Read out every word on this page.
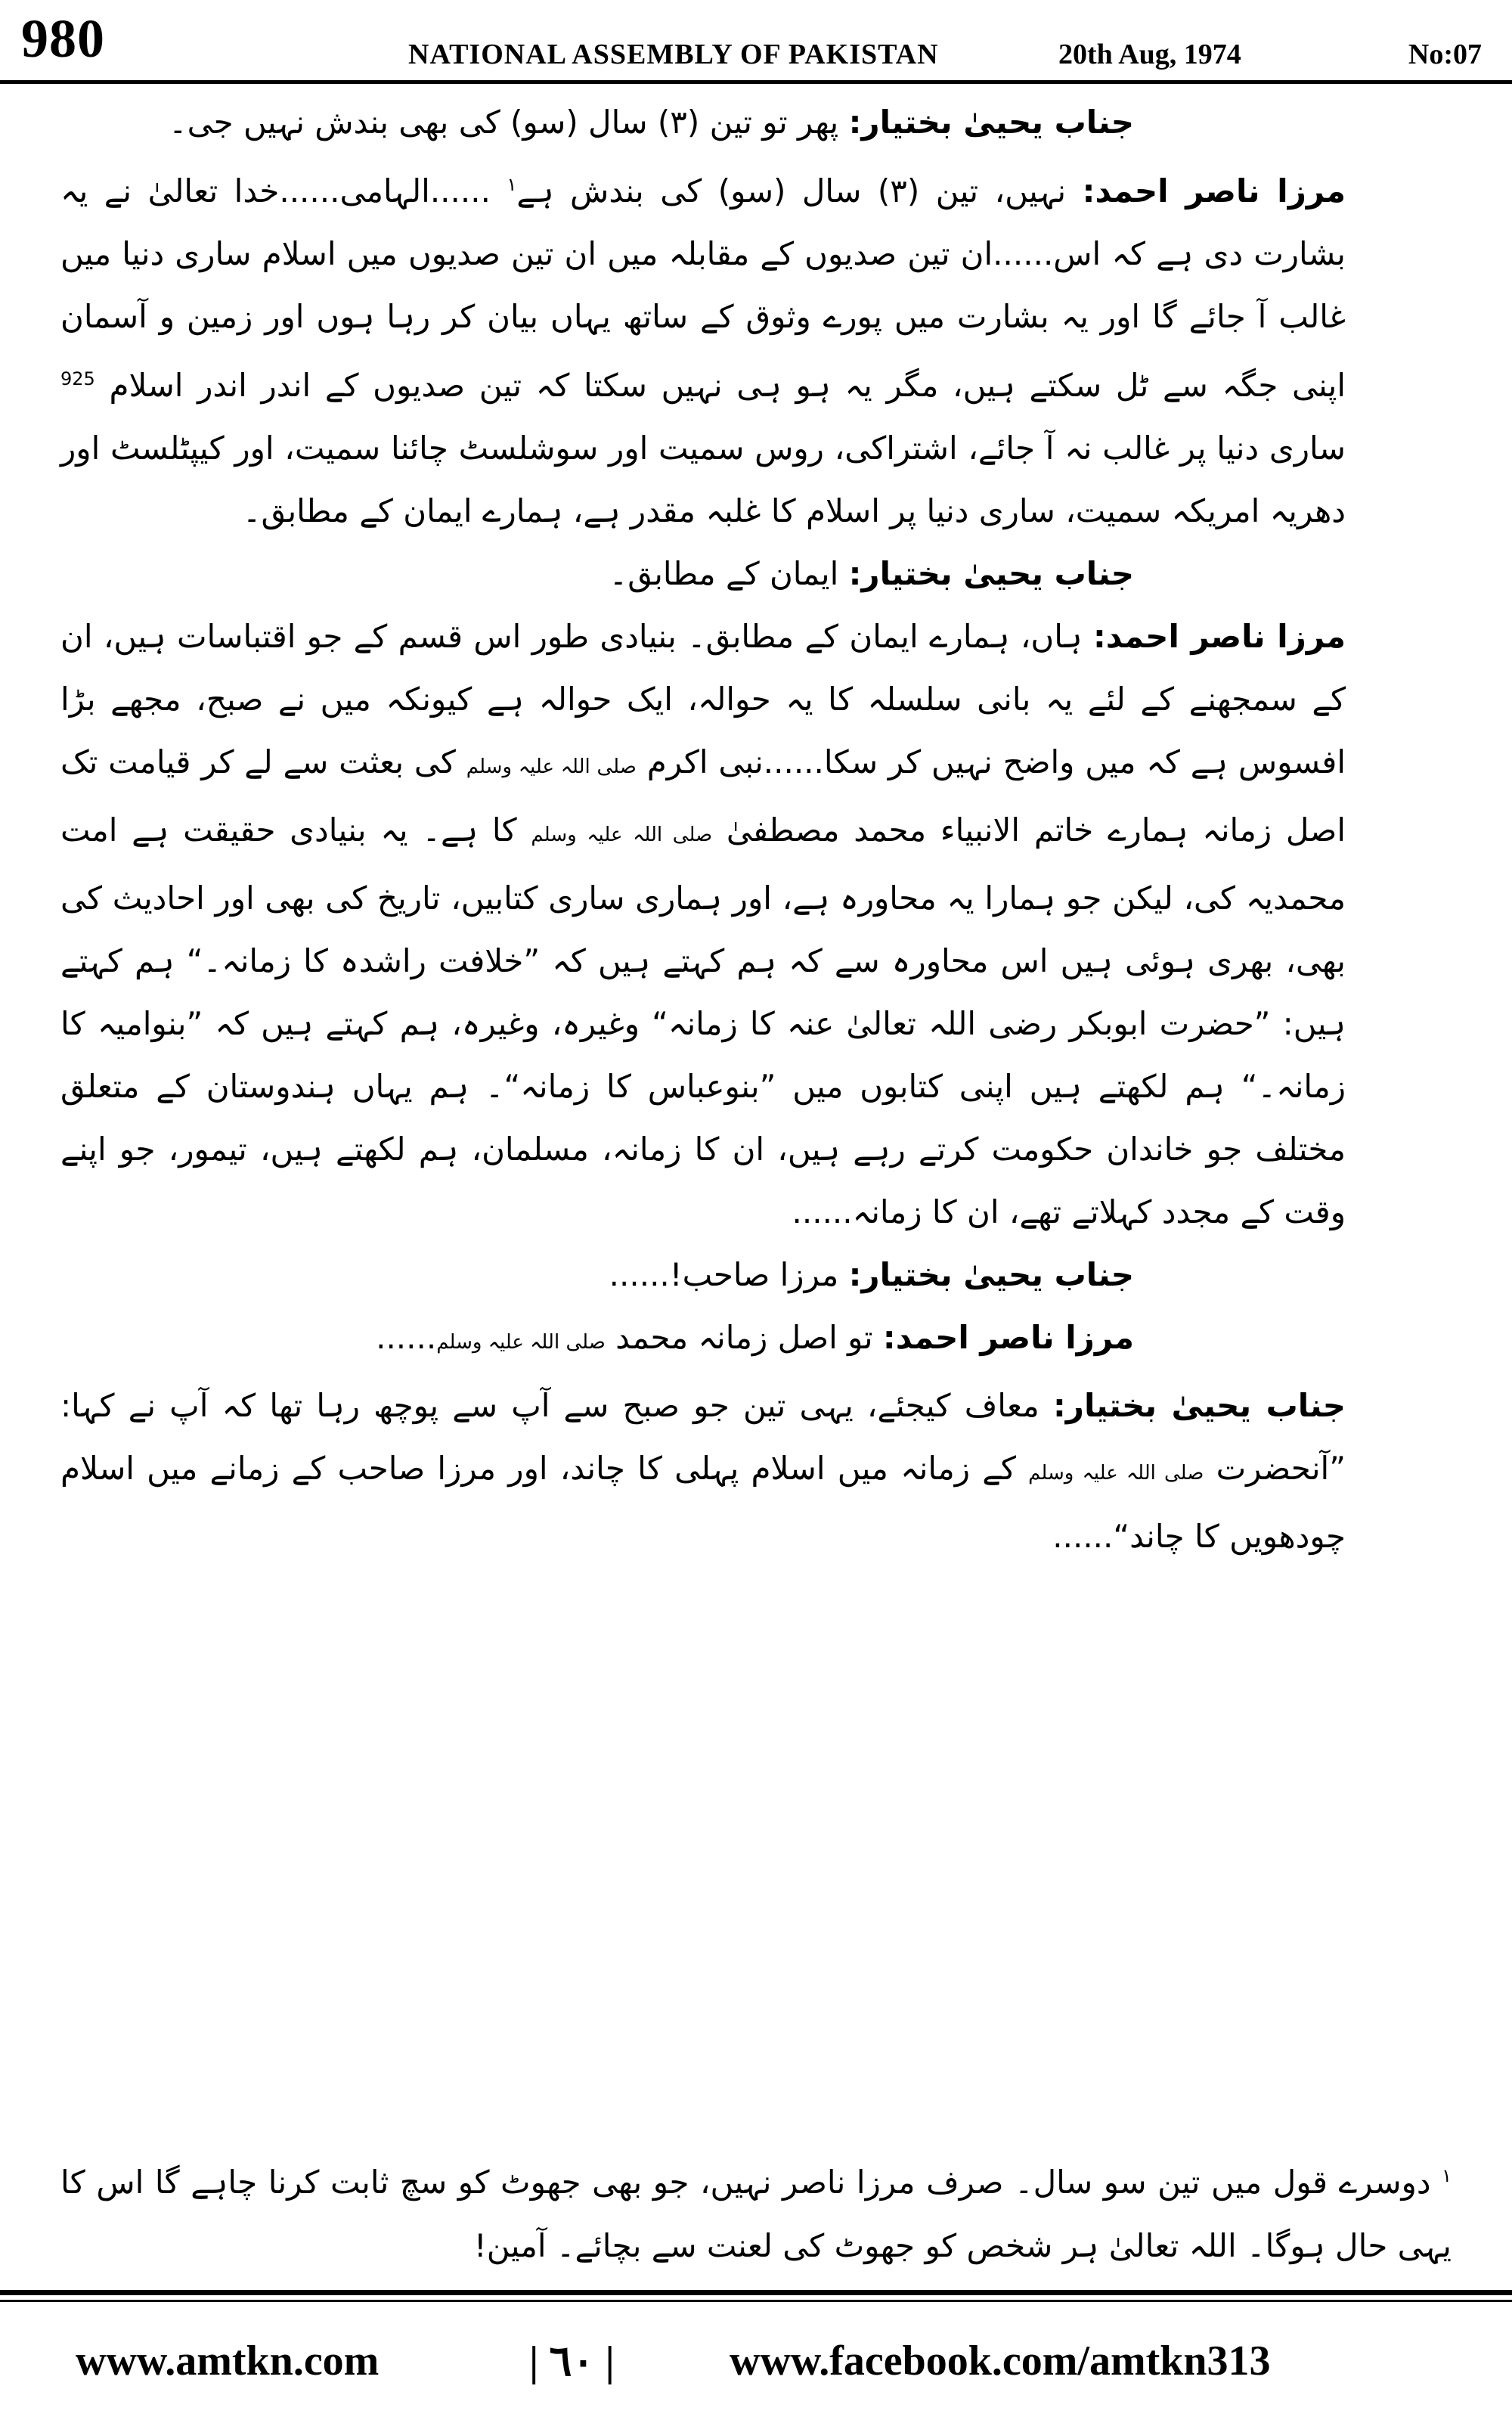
980	NATIONAL ASSEMBLY OF PAKISTAN	20th Aug, 1974	No:07

جناب یحییٰ بختیار: پھر تو تین (۳) سال (سو) کی بھی بندش نہیں جی۔

مرزا ناصر احمد: نہیں، تین (۳) سال (سو) کی بندش ہے$^۱$ ......الہامی......خدا تعالیٰ نے یہ بشارت دی ہے کہ اس......ان تین صدیوں کے مقابلہ میں ان تین صدیوں میں اسلام ساری دنیا میں غالب آ جائے گا اور یہ بشارت میں پورے وثوق کے ساتھ یہاں بیان کر رہا ہوں اور زمین و آسمان اپنی جگہ سے ٹل سکتے ہیں، مگر یہ ہو ہی نہیں سکتا کہ تین صدیوں کے اندر اندر اسلام $^{925}$ ساری دنیا پر غالب نہ آ جائے، اشتراکی، روس سمیت اور سوشلسٹ چائنا سمیت، اور کیپٹلسٹ اور دھریہ امریکہ سمیت، ساری دنیا پر اسلام کا غلبہ مقدر ہے، ہمارے ایمان کے مطابق۔

جناب یحییٰ بختیار: ایمان کے مطابق۔

مرزا ناصر احمد: ہاں، ہمارے ایمان کے مطابق۔ بنیادی طور اس قسم کے جو اقتباسات ہیں، ان کے سمجھنے کے لئے یہ بانی سلسلہ کا یہ حوالہ، ایک حوالہ ہے کیونکہ میں نے صبح، مجھے بڑا افسوس ہے کہ میں واضح نہیں کر سکا......نبی اکرم صلی اللہ علیہ وسلم کی بعثت سے لے کر قیامت تک اصل زمانہ ہمارے خاتم الانبیاء محمد مصطفیٰ صلی اللہ علیہ وسلم کا ہے۔ یہ بنیادی حقیقت ہے امت محمدیہ کی، لیکن جو ہمارا یہ محاورہ ہے، اور ہماری ساری کتابیں، تاریخ کی بھی اور احادیث کی بھی، بھری ہوئی ہیں اس محاورہ سے کہ ہم کہتے ہیں کہ ”خلافت راشدہ کا زمانہ۔“ ہم کہتے ہیں: ”حضرت ابوبکر رضی اللہ تعالیٰ عنہ کا زمانہ“ وغیرہ، وغیرہ، ہم کہتے ہیں کہ ”بنوامیہ کا زمانہ۔“ ہم لکھتے ہیں اپنی کتابوں میں ”بنوعباس کا زمانہ“۔ ہم یہاں ہندوستان کے متعلق مختلف جو خاندان حکومت کرتے رہے ہیں، ان کا زمانہ، مسلمان، ہم لکھتے ہیں، تیمور، جو اپنے وقت کے مجدد کہلاتے تھے، ان کا زمانہ......

جناب یحییٰ بختیار: مرزا صاحب!......

مرزا ناصر احمد: تو اصل زمانہ محمد صلی اللہ علیہ وسلم......

جناب یحییٰ بختیار: معاف کیجئے، یہی تین جو صبح سے آپ سے پوچھ رہا تھا کہ آپ نے کہا: ”آنحضرت صلی اللہ علیہ وسلم کے زمانہ میں اسلام پہلی کا چاند، اور مرزا صاحب کے زمانے میں اسلام چودھویں کا چاند“......

$^۱$ دوسرے قول میں تین سو سال۔ صرف مرزا ناصر نہیں، جو بھی جھوٹ کو سچ ثابت کرنا چاہے گا اس کا یہی حال ہوگا۔ اللہ تعالیٰ ہر شخص کو جھوٹ کی لعنت سے بچائے۔ آمین!

www.amtkn.com	| ٦٠ |	www.facebook.com/amtkn313
